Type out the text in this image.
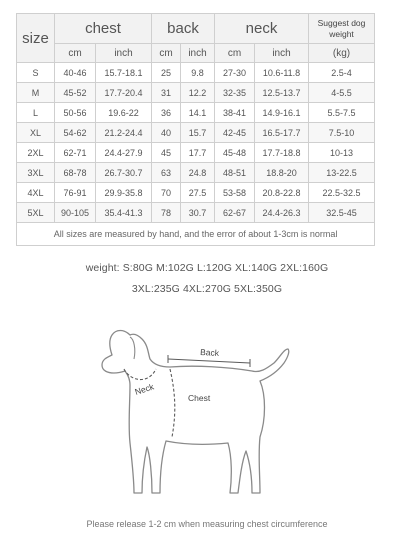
size	chest		back		neck		Suggest dog
weight
	cm	inch	cm	inch	cm	inch	(kg)
S	40-46	15.7-18.1	25	9.8	27-30	10.6-11.8	2.5-4
M	45-52	17.7-20.4	31	12.2	32-35	12.5-13.7	4-5.5
L	50-56	19.6-22	36	14.1	38-41	14.9-16.1	5.5-7.5
XL	54-62	21.2-24.4	40	15.7	42-45	16.5-17.7	7.5-10
2XL	62-71	24.4-27.9	45	17.7	45-48	17.7-18.8	10-13
3XL	68-78	26.7-30.7	63	24.8	48-51	18.8-20	13-22.5
4XL	76-91	29.9-35.8	70	27.5	53-58	20.8-22.8	22.5-32.5
5XL	90-105	35.4-41.3	78	30.7	62-67	24.4-26.3	32.5-45
All sizes are measured by hand, and the error of about 1-3cm is normal							
weight: S:80G M:102G L:120G XL:140G 2XL:160G
3XL:235G 4XL:270G 5XL:350G
Back
Neck
Chest
Please release 1-2 cm when measuring chest circumference
